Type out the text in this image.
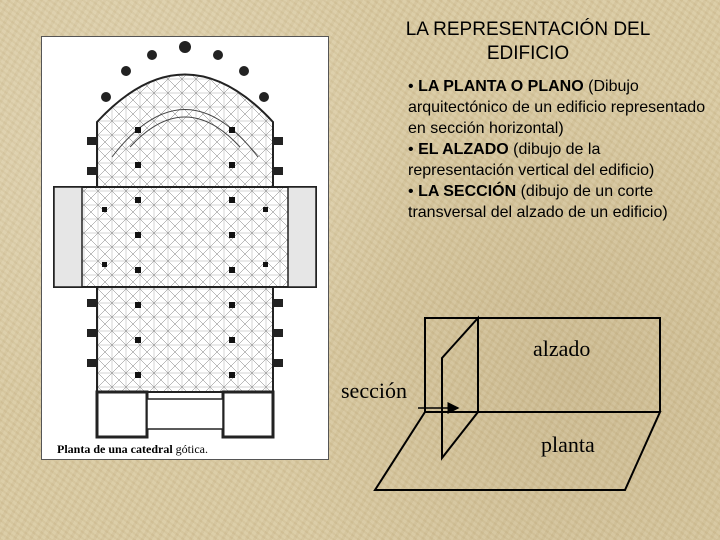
LA REPRESENTACIÓN DEL EDIFICIO

• LA PLANTA O PLANO (Dibujo arquitectónico de un edificio representado en sección horizontal)

• EL ALZADO (dibujo de la representación vertical del edificio)

• LA SECCIÓN (dibujo de un corte transversal del alzado de un edificio)

Planta de una catedral gótica.
alzado
sección
planta
